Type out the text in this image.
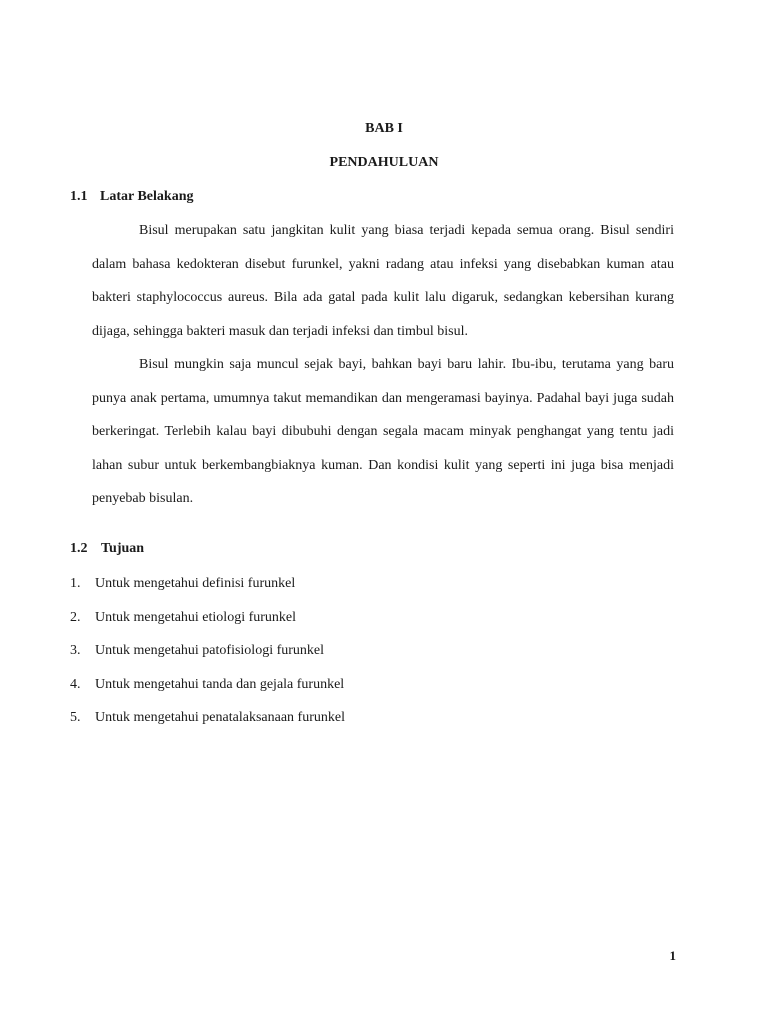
BAB I
PENDAHULUAN
1.1 Latar Belakang

Bisul merupakan satu jangkitan kulit yang biasa terjadi kepada semua orang. Bisul sendiri dalam bahasa kedokteran disebut furunkel, yakni radang atau infeksi yang disebabkan kuman atau bakteri staphylococcus aureus. Bila ada gatal pada kulit lalu digaruk, sedangkan kebersihan kurang dijaga, sehingga bakteri masuk dan terjadi infeksi dan timbul bisul.

Bisul mungkin saja muncul sejak bayi, bahkan bayi baru lahir. Ibu-ibu, terutama yang baru punya anak pertama, umumnya takut memandikan dan mengeramasi bayinya. Padahal bayi juga sudah berkeringat. Terlebih kalau bayi dibubuhi dengan segala macam minyak penghangat yang tentu jadi lahan subur untuk berkembangbiaknya kuman. Dan kondisi kulit yang seperti ini juga bisa menjadi penyebab bisulan.

1.2 Tujuan
1. Untuk mengetahui definisi furunkel
2. Untuk mengetahui etiologi furunkel
3. Untuk mengetahui patofisiologi furunkel
4. Untuk mengetahui tanda dan gejala furunkel
5. Untuk mengetahui penatalaksanaan furunkel
1
